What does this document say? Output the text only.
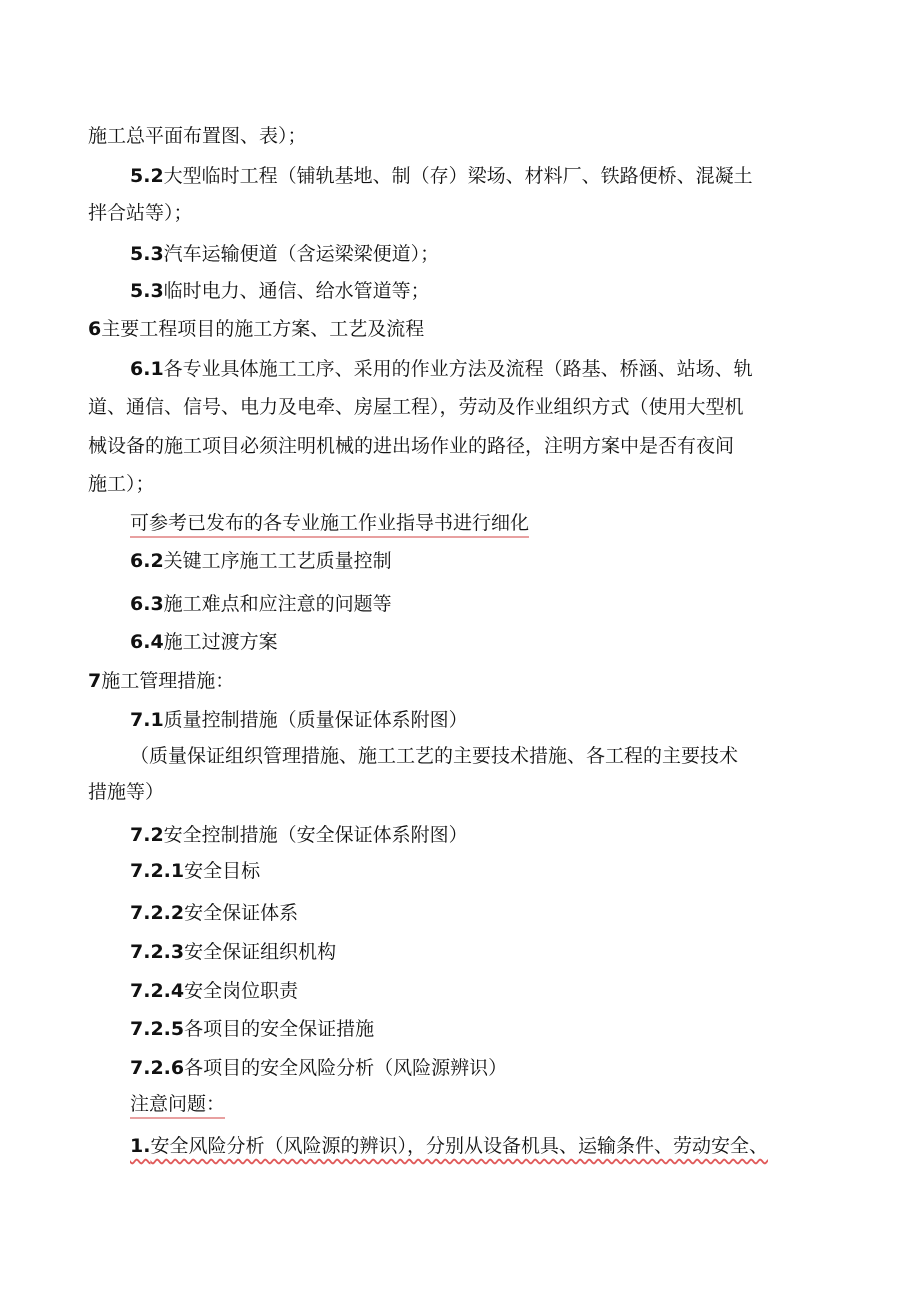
施工总平面布置图、表）；
5.2大型临时工程（铺轨基地、制（存）梁场、材料厂、铁路便桥、混凝土
拌合站等）；
5.3汽车运输便道（含运梁梁便道）；
5.3临时电力、通信、给水管道等；
6主要工程项目的施工方案、工艺及流程
6.1各专业具体施工工序、采用的作业方法及流程（路基、桥涵、站场、轨
道、通信、信号、电力及电牵、房屋工程），劳动及作业组织方式（使用大型机
械设备的施工项目必须注明机械的进出场作业的路径，注明方案中是否有夜间
施工）；
可参考已发布的各专业施工作业指导书进行细化
6.2关键工序施工工艺质量控制
6.3施工难点和应注意的问题等
6.4施工过渡方案
7施工管理措施：
7.1质量控制措施（质量保证体系附图）
（质量保证组织管理措施、施工工艺的主要技术措施、各工程的主要技术
措施等）
7.2安全控制措施（安全保证体系附图）
7.2.1安全目标
7.2.2安全保证体系
7.2.3安全保证组织机构
7.2.4安全岗位职责
7.2.5各项目的安全保证措施
7.2.6各项目的安全风险分析（风险源辨识）
注意问题：
1.安全风险分析（风险源的辨识），分别从设备机具、运输条件、劳动安全、
